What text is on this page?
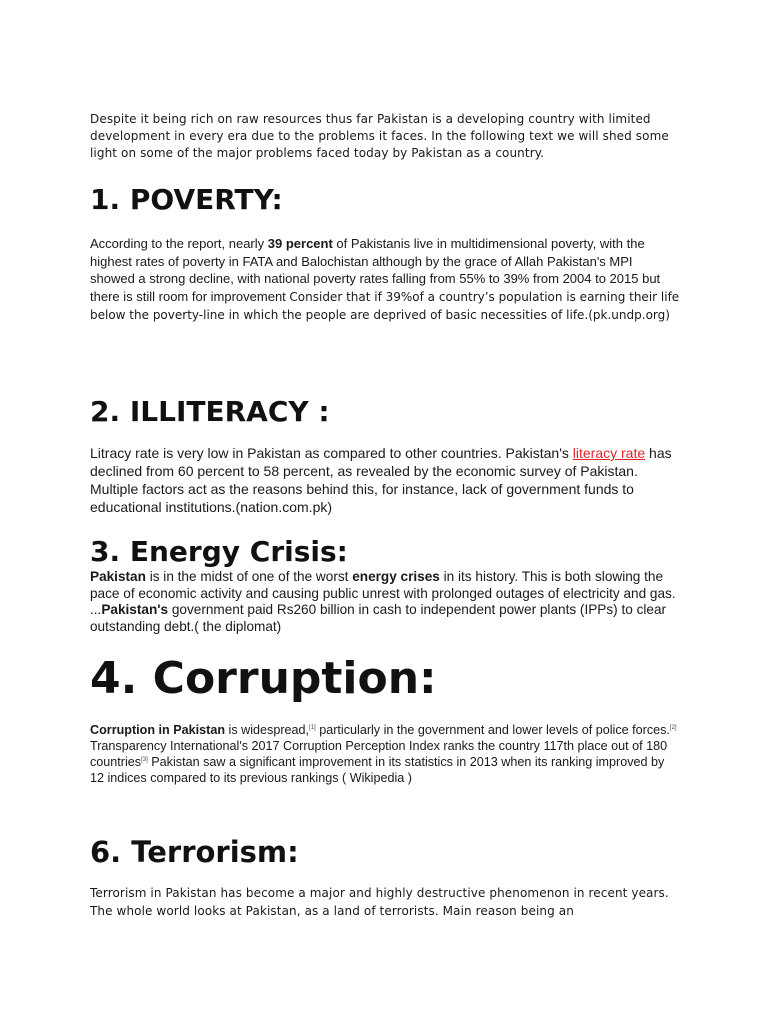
Despite it being rich on raw resources thus far Pakistan is a developing country with limited development in every era due to the problems it faces. In the following text we will shed some light on some of the major problems faced today by Pakistan as a country.

1. POVERTY:

According to the report, nearly 39 percent of Pakistanis live in multidimensional poverty, with the highest rates of poverty in FATA and Balochistan although by the grace of Allah Pakistan's MPI showed a strong decline, with national poverty rates falling from 55% to 39% from 2004 to 2015 but there is still room for improvement Consider that if 39%of a country’s population is earning their life below the poverty-line in which the people are deprived of basic necessities of life.(pk.undp.org)

2. ILLITERACY :

Litracy rate is very low in Pakistan as compared to other countries. Pakistan's literacy rate has declined from 60 percent to 58 percent, as revealed by the economic survey of Pakistan. Multiple factors act as the reasons behind this, for instance, lack of government funds to educational institutions.(nation.com.pk)

3. Energy Crisis:

Pakistan is in the midst of one of the worst energy crises in its history. This is both slowing the pace of economic activity and causing public unrest with prolonged outages of electricity and gas. ...Pakistan's government paid Rs260 billion in cash to independent power plants (IPPs) to clear outstanding debt.( the diplomat)

4. Corruption:

Corruption in Pakistan is widespread,[1] particularly in the government and lower levels of police forces.[2] Transparency International's 2017 Corruption Perception Index ranks the country 117th place out of 180 countries[3] Pakistan saw a significant improvement in its statistics in 2013 when its ranking improved by 12 indices compared to its previous rankings ( Wikipedia )

6. Terrorism:

Terrorism in Pakistan has become a major and highly destructive phenomenon in recent years. The whole world looks at Pakistan, as a land of terrorists. Main reason being an
